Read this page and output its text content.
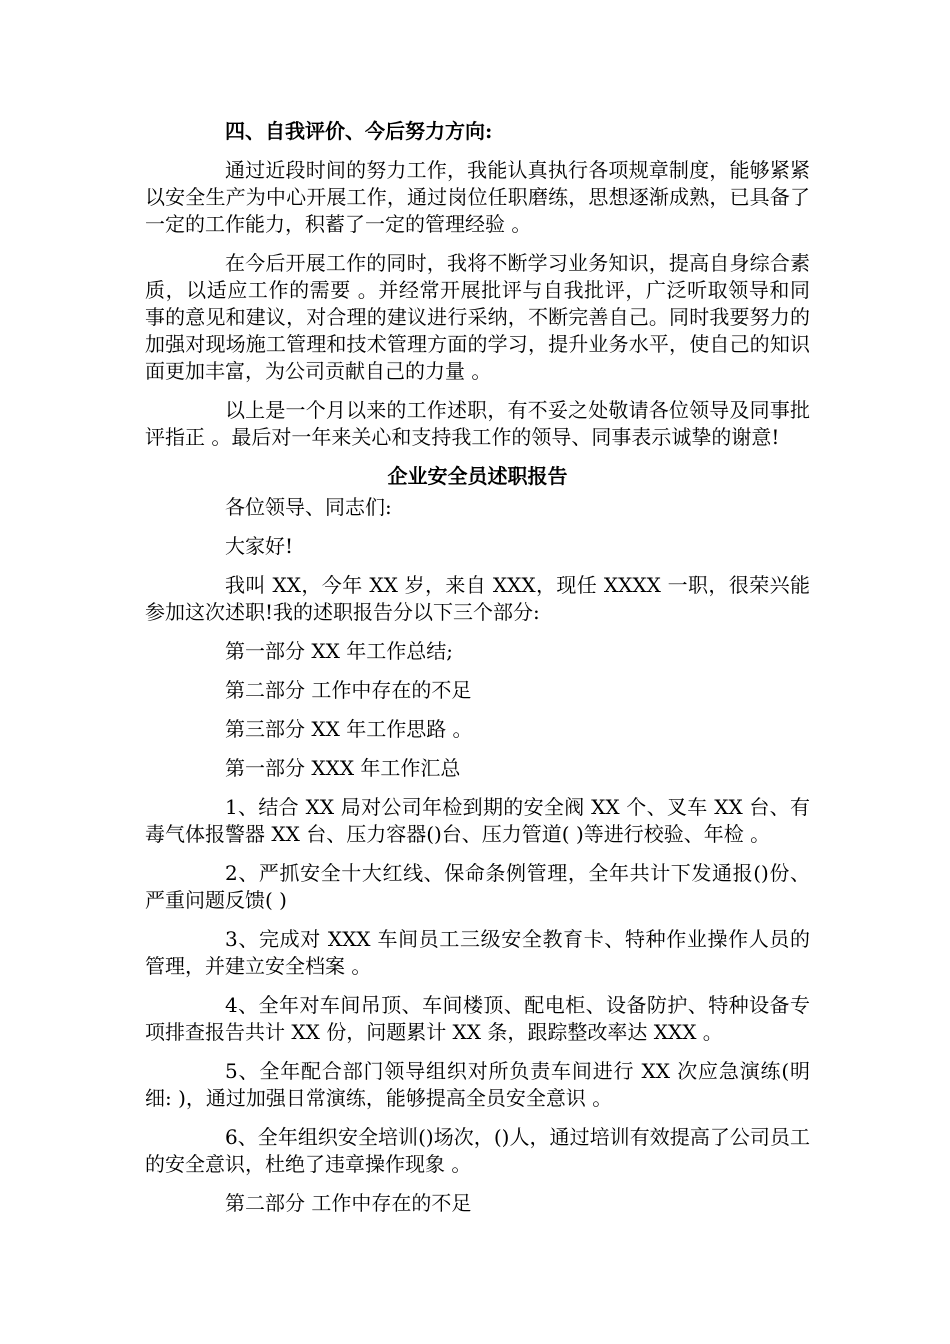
四、自我评价、今后努力方向:

通过近段时间的努力工作，我能认真执行各项规章制度，能够紧紧以安全生产为中心开展工作，通过岗位任职磨练，思想逐渐成熟，已具备了一定的工作能力，积蓄了一定的管理经验 。

在今后开展工作的同时，我将不断学习业务知识，提高自身综合素质，以适应工作的需要 。并经常开展批评与自我批评，广泛听取领导和同事的意见和建议，对合理的建议进行采纳，不断完善自己。同时我要努力的加强对现场施工管理和技术管理方面的学习，提升业务水平，使自己的知识面更加丰富，为公司贡献自己的力量 。

以上是一个月以来的工作述职，有不妥之处敬请各位领导及同事批评指正 。最后对一年来关心和支持我工作的领导、同事表示诚挚的谢意!

企业安全员述职报告
各位领导、同志们:
大家好!

我叫 XX，今年 XX 岁，来自 XXX，现任 XXXX 一职，很荣兴能参加这次述职!我的述职报告分以下三个部分:

第一部分 XX 年工作总结;
第二部分 工作中存在的不足
第三部分 XX 年工作思路 。
第一部分 XXX 年工作汇总

1、结合 XX 局对公司年检到期的安全阀 XX 个、叉车 XX 台、有毒气体报警器 XX 台、压力容器()台、压力管道( )等进行校验、年检 。

2、严抓安全十大红线、保命条例管理，全年共计下发通报()份、严重问题反馈( )

3、完成对 XXX 车间员工三级安全教育卡、特种作业操作人员的管理，并建立安全档案 。

4、全年对车间吊顶、车间楼顶、配电柜、设备防护、特种设备专项排查报告共计 XX 份，问题累计 XX 条，跟踪整改率达 XXX 。

5、全年配合部门领导组织对所负责车间进行 XX 次应急演练(明细: )，通过加强日常演练，能够提高全员安全意识 。

6、全年组织安全培训()场次，()人，通过培训有效提高了公司员工的安全意识，杜绝了违章操作现象 。

第二部分 工作中存在的不足
